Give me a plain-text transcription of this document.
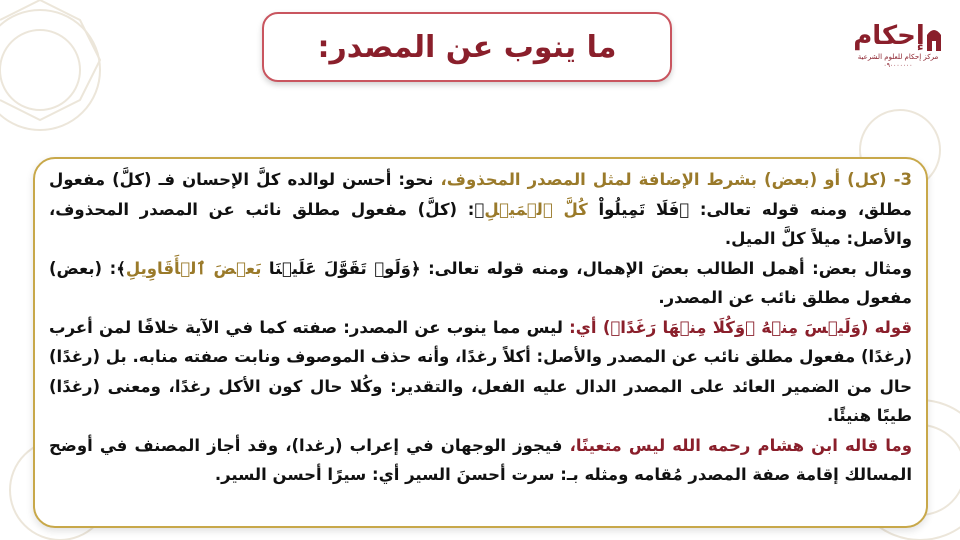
ما ينوب عن المصدر:	إحكام
مركز إحكام للعلوم الشرعية
٠٩٠٠٠٠٠٠٠

3- (كل) أو (بعض) بشرط الإضافة لمثل المصدر المحذوف، نحو: أحسن لوالده كلَّ الإحسان فـ (كلَّ) مفعول مطلق، ومنه قوله تعالى: ﴿فَلَا تَمِيلُواْ كُلَّ ٱلۡمَيۡلِ﴾: (كلَّ) مفعول مطلق نائب عن المصدر المحذوف، والأصل: ميلاً كلَّ الميل.

ومثال بعض: أهمل الطالب بعضَ الإهمال، ومنه قوله تعالى: ﴿وَلَوۡ تَقَوَّلَ عَلَيۡنَا بَعۡضَ ٱلۡأَقَاوِيلِ﴾: (بعض) مفعول مطلق نائب عن المصدر.

قوله (وَلَيۡسَ مِنۡهُ ﴿وَكُلَا مِنۡهَا رَغَدًا﴾) أي: ليس مما ينوب عن المصدر: صفته كما في الآية خلافًا لمن أعرب (رغدًا) مفعول مطلق نائب عن المصدر والأصل: أكلاً رغدًا، وأنه حذف الموصوف ونابت صفته منابه. بل (رغدًا) حال من الضمير العائد على المصدر الدال عليه الفعل، والتقدير: وكُلا حال كون الأكل رغدًا، ومعنى (رغدًا) طيبًا هنيئًا.

وما قاله ابن هشام رحمه الله ليس متعينًا، فيجوز الوجهان في إعراب (رغدا)، وقد أجاز المصنف في أوضح المسالك إقامة صفة المصدر مُقامه ومثله بـ: سرت أحسنَ السير أي: سيرًا أحسن السير.
